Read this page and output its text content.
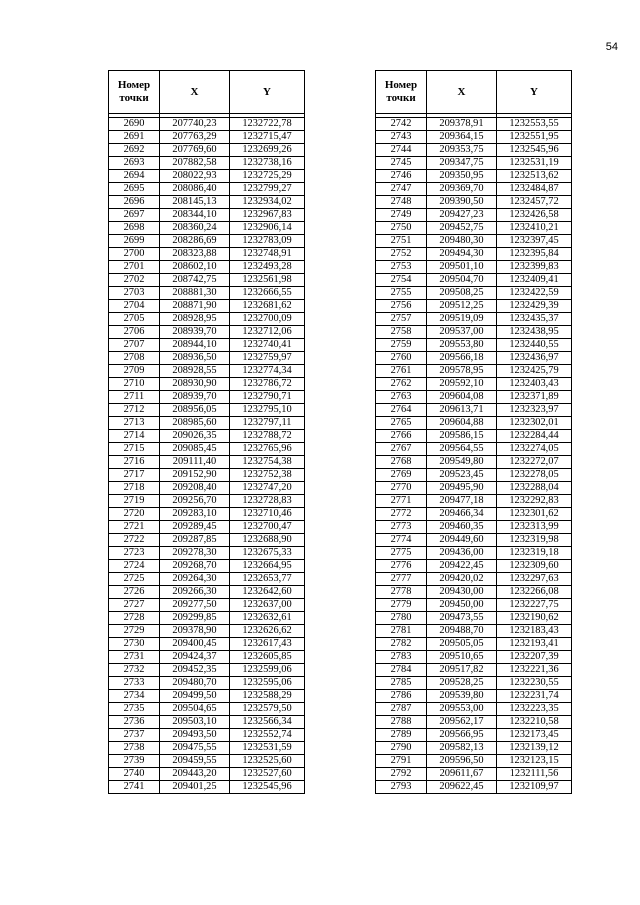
54
Номер точки	X	Y

2690	207740,23	1232722,78
2691	207763,29	1232715,47
2692	207769,60	1232699,26
2693	207882,58	1232738,16
2694	208022,93	1232725,29
2695	208086,40	1232799,27
2696	208145,13	1232934,02
2697	208344,10	1232967,83
2698	208360,24	1232906,14
2699	208286,69	1232783,09
2700	208323,88	1232748,91
2701	208602,10	1232493,28
2702	208742,75	1232561,98
2703	208881,30	1232666,55
2704	208871,90	1232681,62
2705	208928,95	1232700,09
2706	208939,70	1232712,06
2707	208944,10	1232740,41
2708	208936,50	1232759,97
2709	208928,55	1232774,34
2710	208930,90	1232786,72
2711	208939,70	1232790,71
2712	208956,05	1232795,10
2713	208985,60	1232797,11
2714	209026,35	1232788,72
2715	209085,45	1232765,96
2716	209111,40	1232754,38
2717	209152,90	1232752,38
2718	209208,40	1232747,20
2719	209256,70	1232728,83
2720	209283,10	1232710,46
2721	209289,45	1232700,47
2722	209287,85	1232688,90
2723	209278,30	1232675,33
2724	209268,70	1232664,95
2725	209264,30	1232653,77
2726	209266,30	1232642,60
2727	209277,50	1232637,00
2728	209299,85	1232632,61
2729	209378,90	1232626,62
2730	209400,45	1232617,43
2731	209424,37	1232605,85
2732	209452,35	1232599,06
2733	209480,70	1232595,06
2734	209499,50	1232588,29
2735	209504,65	1232579,50
2736	209503,10	1232566,34
2737	209493,50	1232552,74
2738	209475,55	1232531,59
2739	209459,55	1232525,60
2740	209443,20	1232527,60
2741	209401,25	1232545,96
Номер точки	X	Y

2742	209378,91	1232553,55
2743	209364,15	1232551,95
2744	209353,75	1232545,96
2745	209347,75	1232531,19
2746	209350,95	1232513,62
2747	209369,70	1232484,87
2748	209390,50	1232457,72
2749	209427,23	1232426,58
2750	209452,75	1232410,21
2751	209480,30	1232397,45
2752	209494,30	1232395,84
2753	209501,10	1232399,83
2754	209504,70	1232409,41
2755	209508,25	1232422,59
2756	209512,25	1232429,39
2757	209519,09	1232435,37
2758	209537,00	1232438,95
2759	209553,80	1232440,55
2760	209566,18	1232436,97
2761	209578,95	1232425,79
2762	209592,10	1232403,43
2763	209604,08	1232371,89
2764	209613,71	1232323,97
2765	209604,88	1232302,01
2766	209586,15	1232284,44
2767	209564,55	1232274,05
2768	209549,80	1232272,07
2769	209523,45	1232278,05
2770	209495,90	1232288,04
2771	209477,18	1232292,83
2772	209466,34	1232301,62
2773	209460,35	1232313,99
2774	209449,60	1232319,98
2775	209436,00	1232319,18
2776	209422,45	1232309,60
2777	209420,02	1232297,63
2778	209430,00	1232266,08
2779	209450,00	1232227,75
2780	209473,55	1232190,62
2781	209488,70	1232183,43
2782	209505,05	1232193,41
2783	209510,65	1232207,39
2784	209517,82	1232221,36
2785	209528,25	1232230,55
2786	209539,80	1232231,74
2787	209553,00	1232223,35
2788	209562,17	1232210,58
2789	209566,95	1232173,45
2790	209582,13	1232139,12
2791	209596,50	1232123,15
2792	209611,67	1232111,56
2793	209622,45	1232109,97
